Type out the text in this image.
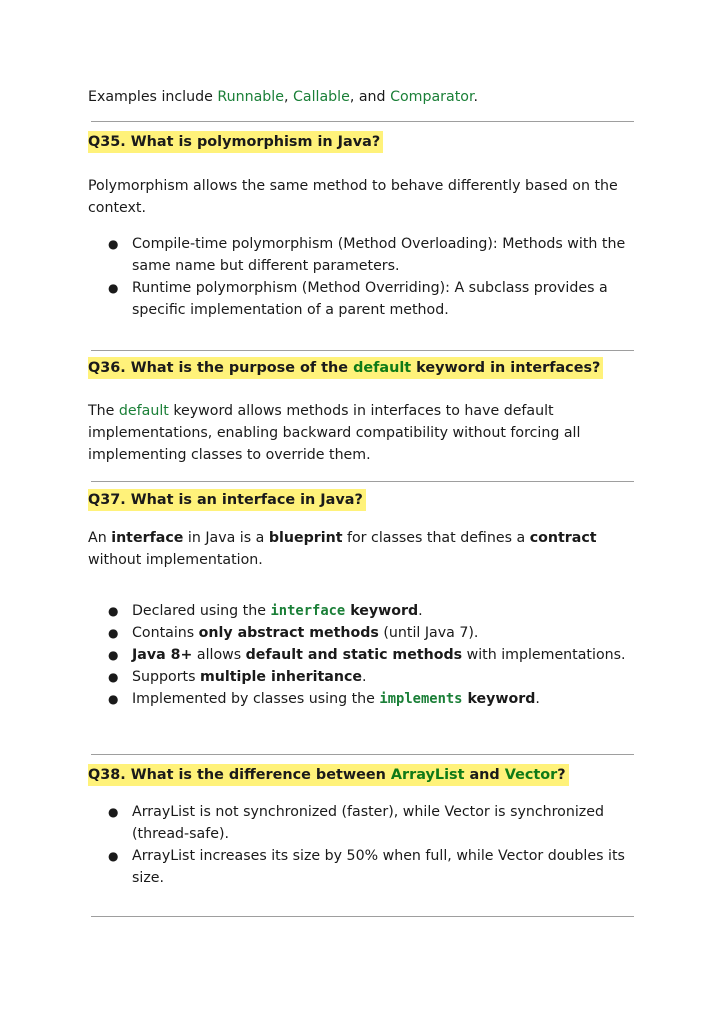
Examples include Runnable, Callable, and Comparator.

Q35. What is polymorphism in Java?

Polymorphism allows the same method to behave differently based on the context.

● Compile-time polymorphism (Method Overloading): Methods with the same name but different parameters.
● Runtime polymorphism (Method Overriding): A subclass provides a specific implementation of a parent method.
Q36. What is the purpose of the default keyword in interfaces?

The default keyword allows methods in interfaces to have default implementations, enabling backward compatibility without forcing all implementing classes to override them.

Q37. What is an interface in Java?

An interface in Java is a blueprint for classes that defines a contract without implementation.

● Declared using the interface keyword.
● Contains only abstract methods (until Java 7).
● Java 8+ allows default and static methods with implementations.
● Supports multiple inheritance.
● Implemented by classes using the implements keyword.
Q38. What is the difference between ArrayList and Vector?
● ArrayList is not synchronized (faster), while Vector is synchronized (thread-safe).
● ArrayList increases its size by 50% when full, while Vector doubles its size.
